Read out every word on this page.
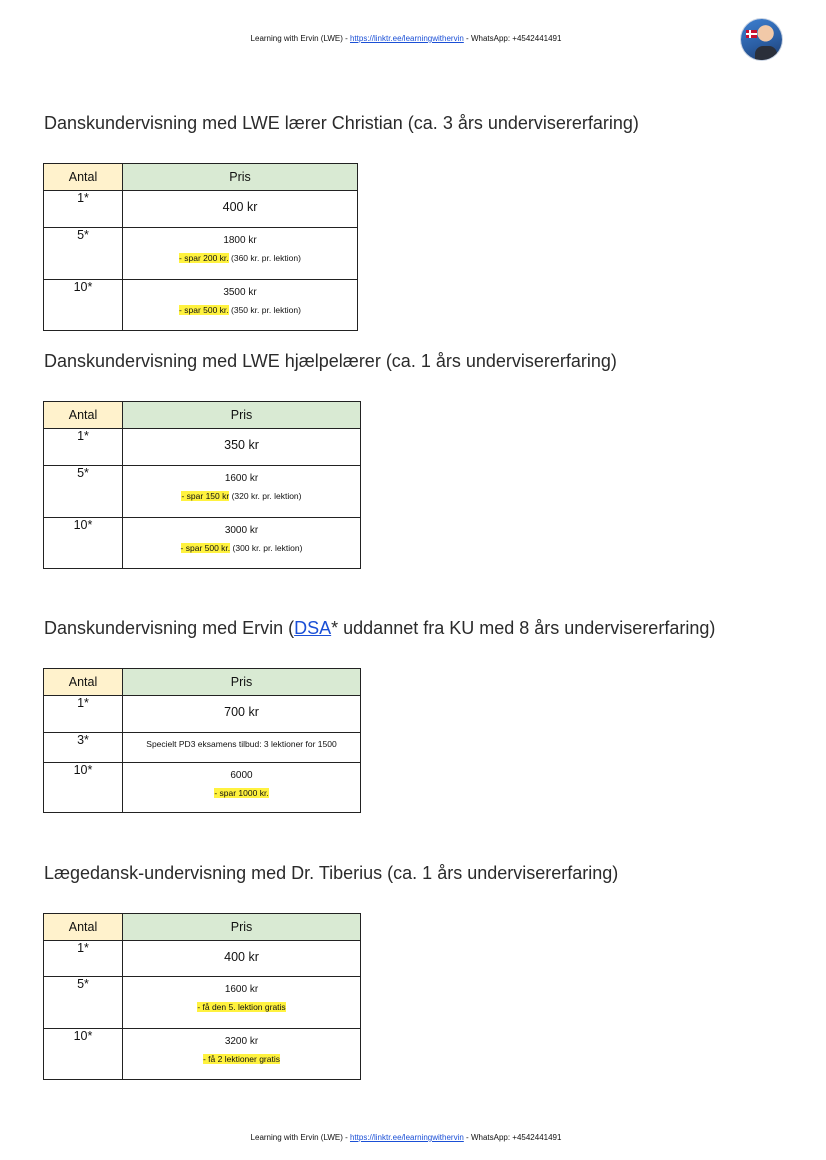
Learning with Ervin (LWE) - https://linktr.ee/learningwithervin - WhatsApp: +4542441491
Danskundervisning med LWE lærer Christian (ca. 3 års undervisererfaring)
Antal	Pris
1*	400 kr

5*	1800 kr
- spar 200 kr. (360 kr. pr. lektion)

10*	3500 kr
- spar 500 kr. (350 kr. pr. lektion)
Danskundervisning med LWE hjælpelærer (ca. 1 års undervisererfaring)
Antal	Pris
1*	350 kr

5*	1600 kr
- spar 150 kr (320 kr. pr. lektion)

10*	3000 kr
- spar 500 kr. (300 kr. pr. lektion)
Danskundervisning med Ervin (DSA* uddannet fra KU med 8 års undervisererfaring)
Antal	Pris
1*	700 kr

3*	Specielt PD3 eksamens tilbud: 3 lektioner for 1500

10*	6000
- spar 1000 kr.
Lægedansk-undervisning med Dr. Tiberius (ca. 1 års undervisererfaring)
Antal	Pris
1*	400 kr

5*	1600 kr
- få den 5. lektion gratis

10*	3200 kr
- få 2 lektioner gratis
Learning with Ervin (LWE) - https://linktr.ee/learningwithervin - WhatsApp: +4542441491
